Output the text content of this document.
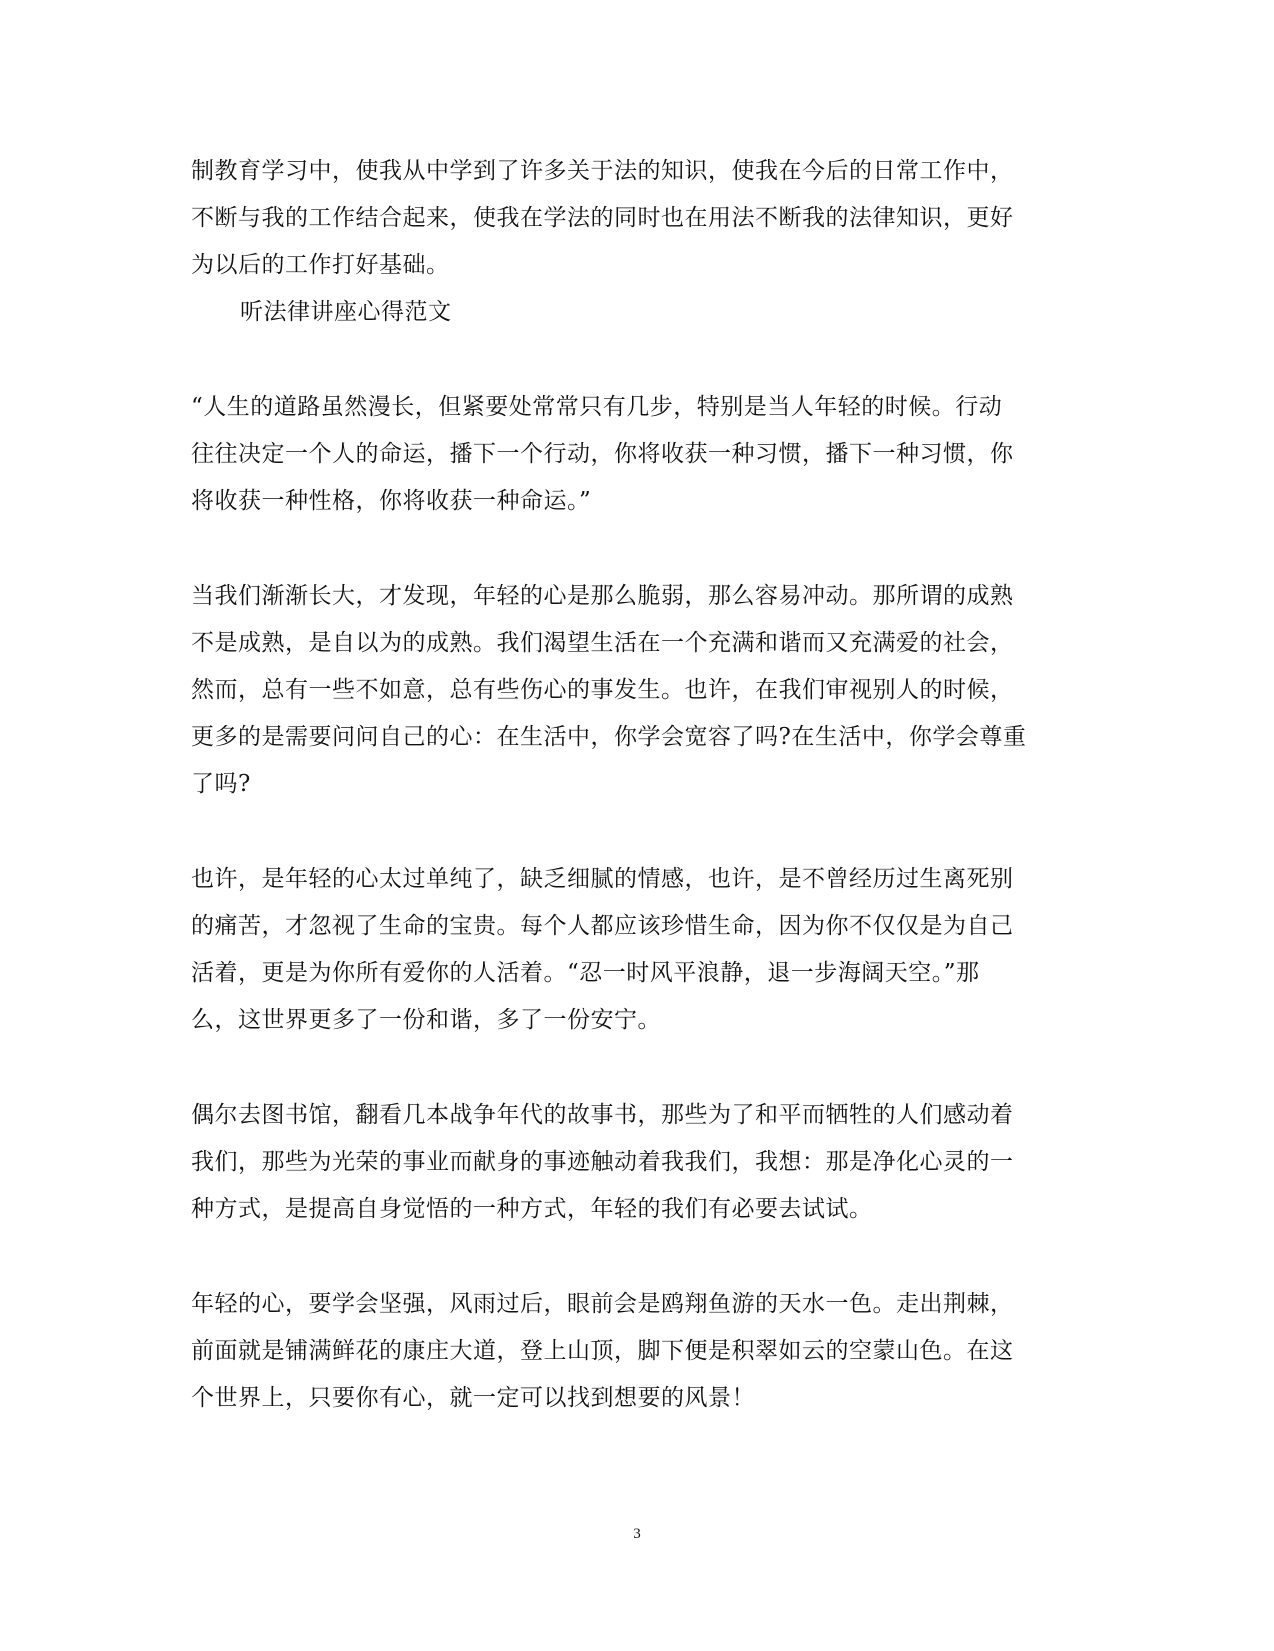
制教育学习中，使我从中学到了许多关于法的知识，使我在今后的日常工作中，
不断与我的工作结合起来，使我在学法的同时也在用法不断我的法律知识，更好
为以后的工作打好基础。
听法律讲座心得范文
“人生的道路虽然漫长，但紧要处常常只有几步，特别是当人年轻的时候。行动
往往决定一个人的命运，播下一个行动，你将收获一种习惯，播下一种习惯，你
将收获一种性格，你将收获一种命运。”
当我们渐渐长大，才发现，年轻的心是那么脆弱，那么容易冲动。那所谓的成熟
不是成熟，是自以为的成熟。我们渴望生活在一个充满和谐而又充满爱的社会，
然而，总有一些不如意，总有些伤心的事发生。也许，在我们审视别人的时候，
更多的是需要问问自己的心：在生活中，你学会宽容了吗?在生活中，你学会尊重
了吗?
也许，是年轻的心太过单纯了，缺乏细腻的情感，也许，是不曾经历过生离死别
的痛苦，才忽视了生命的宝贵。每个人都应该珍惜生命，因为你不仅仅是为自己
活着，更是为你所有爱你的人活着。“忍一时风平浪静，退一步海阔天空。”那
么，这世界更多了一份和谐，多了一份安宁。
偶尔去图书馆，翻看几本战争年代的故事书，那些为了和平而牺牲的人们感动着
我们，那些为光荣的事业而献身的事迹触动着我我们，我想：那是净化心灵的一
种方式，是提高自身觉悟的一种方式，年轻的我们有必要去试试。
年轻的心，要学会坚强，风雨过后，眼前会是鸥翔鱼游的天水一色。走出荆棘，
前面就是铺满鲜花的康庄大道，登上山顶，脚下便是积翠如云的空蒙山色。在这
个世界上，只要你有心，就一定可以找到想要的风景！
3
